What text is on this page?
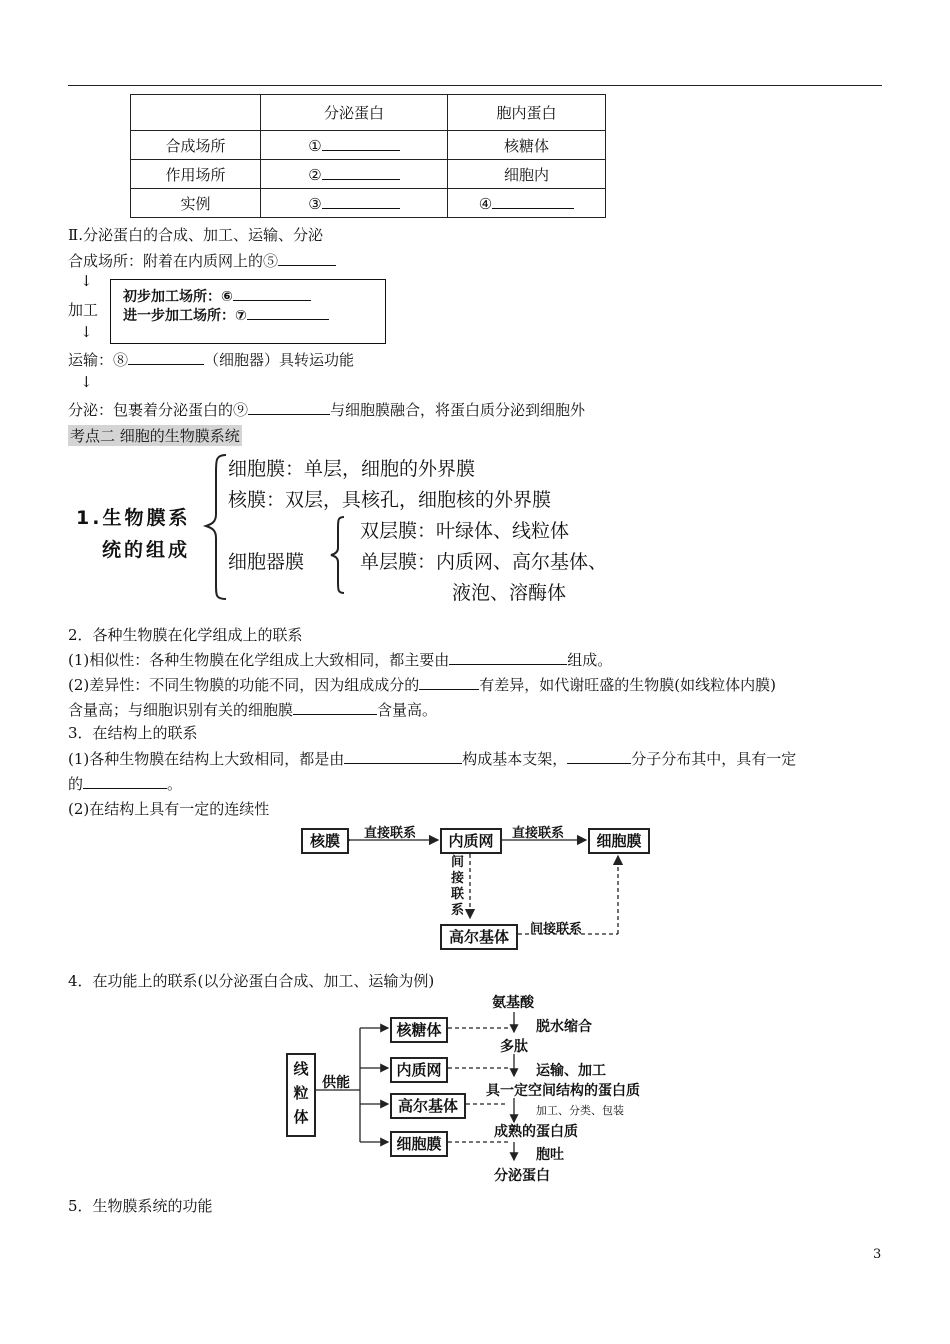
	分泌蛋白	胞内蛋白
合成场所	①	核糖体
作用场所	②	细胞内
实例	③	④
Ⅱ.分泌蛋白的合成、加工、运输、分泌
合成场所：附着在内质网上的⑤
↓
加工
↓
初步加工场所：⑥
进一步加工场所：⑦
运输：⑧	（细胞器）具转运功能
↓
分泌：包裹着分泌蛋白的⑨	与细胞膜融合，将蛋白质分泌到细胞外
考点二 细胞的生物膜系统
1.生物膜系
统的组成
细胞膜：单层，细胞的外界膜
核膜：双层，具核孔，细胞核的外界膜
细胞器膜
双层膜：叶绿体、线粒体
单层膜：内质网、高尔基体、
液泡、溶酶体
2．各种生物膜在化学组成上的联系
(1)相似性：各种生物膜在化学组成上大致相同，都主要由	组成。
(2)差异性：不同生物膜的功能不同，因为组成成分的	有差异，如代谢旺盛的生物膜(如线粒体内膜)
含量高；与细胞识别有关的细胞膜	含量高。
3．在结构上的联系
(1)各种生物膜在结构上大致相同，都是由	构成基本支架，	分子分布其中，具有一定
的	。
(2)在结构上具有一定的连续性
核膜	内质网	细胞膜
高尔基体
直接联系	直接联系
间
接
联
系
间接联系
4．在功能上的联系(以分泌蛋白合成、加工、运输为例)
线
粒
体
供能
核糖体
内质网
高尔基体
细胞膜
氨基酸
脱水缩合
多肽
运输、加工
具一定空间结构的蛋白质
加工、分类、包装
成熟的蛋白质
胞吐
分泌蛋白
5．生物膜系统的功能
3
